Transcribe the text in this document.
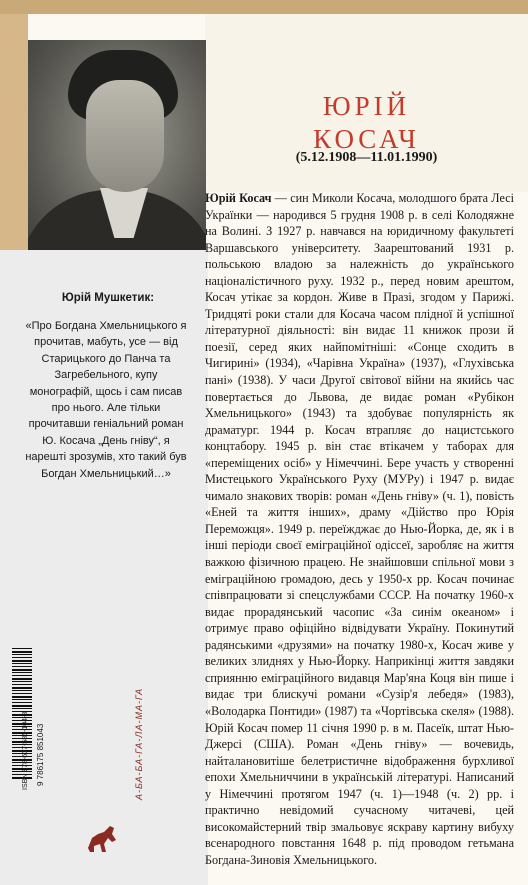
ЮРІЙ
КОСАЧ
(5.12.1908—11.01.1990)
Юрій Мушкетик:
«Про Богдана Хмельницького я прочитав, мабуть, усе — від Старицького до Панча та Загребельного, купу монографій, щось і сам писав про нього. Але тільки прочитавши геніальний роман Ю. Косача „День гніву“, я нарешті зрозумів, хто такий був Богдан Хмельницький…»
ISBN 978-617-585-104-3 9 786175 851043	А-БА-БА-ГА-ЛА-МА-ГА
Юрій Косач — син Миколи Косача, молодшого брата Лесі Українки — народився 5 грудня 1908 р. в селі Колодяжне на Волині. З 1927 р. навчався на юридичному факультеті Варшавського університету. Заарештований 1931 р. польською владою за належність до українського націоналістичного руху. 1932 р., перед новим арештом, Косач утікає за кордон. Живе в Празі, згодом у Парижі. Тридцяті роки стали для Косача часом плідної й успішної літературної діяльності: він видає 11 книжок прози й поезії, серед яких найпомітніші: «Сонце сходить в Чигирині» (1934), «Чарівна Україна» (1937), «Глухівська пані» (1938). У часи Другої світової війни на якийсь час повертається до Львова, де видає роман «Рубікон Хмельницького» (1943) та здобуває популярність як драматург. 1944 р. Косач втрапляє до нацистського концтабору. 1945 р. він стає втікачем у таборах для «переміщених осіб» у Німеччині. Бере участь у створенні Мистецького Українського Руху (МУРу) і 1947 р. видає чимало знакових творів: роман «День гніву» (ч. 1), повість «Еней та життя інших», драму «Дійство про Юрія Переможця». 1949 р. переїжджає до Нью-Йорка, де, як і в інші періоди своєї еміграційної одіссеї, заробляє на життя важкою фізичною працею. Не знайшовши спільної мови з еміграційною громадою, десь у 1950-х рр. Косач починає співпрацювати зі спецслужбами СССР. На початку 1960-х видає прорадянський часопис «За синім океаном» і отримує право офіційно відвідувати Україну. Покинутий радянськими «друзями» на початку 1980-х, Косач живе у великих злиднях у Нью-Йорку. Наприкінці життя завдяки сприянню еміграційного видавця Мар'яна Коця він пише і видає три блискучі романи «Сузір'я лебедя» (1983), «Володарка Понтиди» (1987) та «Чортівська скеля» (1988). Юрій Косач помер 11 січня 1990 р. в м. Пасеїк, штат Нью-Джерсі (США). Роман «День гніву» — вочевидь, найталановитіше белетристичне відображення бурхливої епохи Хмельниччини в українській літературі. Написаний у Німеччині протягом 1947 (ч. 1)—1948 (ч. 2) рр. і практично невідомий сучасному читачеві, цей високомайстерний твір змальовує яскраву картину вибуху всенародного повстання 1648 р. під проводом гетьмана Богдана-Зиновія Хмельницького.
